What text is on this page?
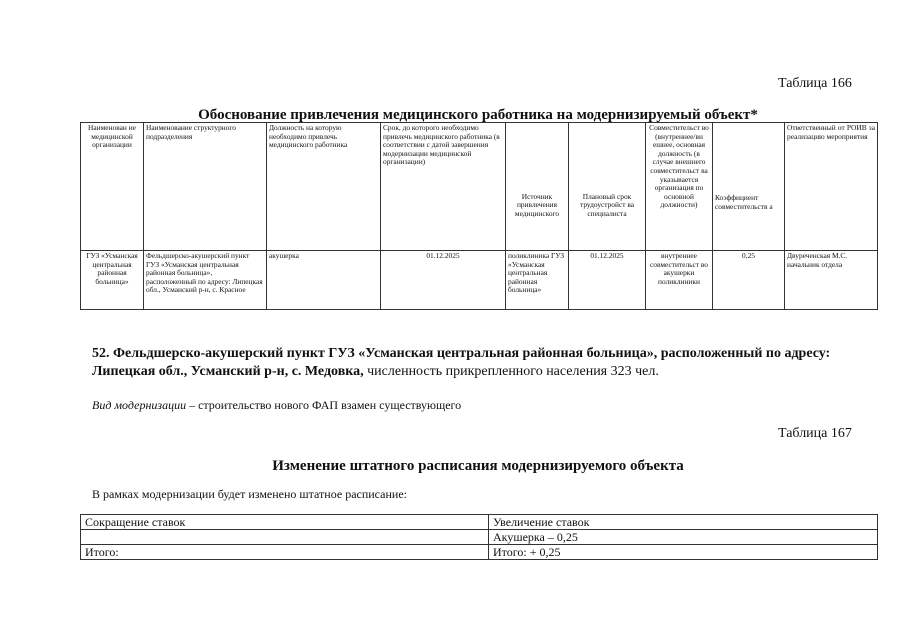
Таблица 166
Обоснование привлечения медицинского работника на модернизируемый объект*
Наименован ие медицинской организации	Наименование структурного подразделения	Должность на которую необходимо привлечь медицинского работника	Срок, до которого необходимо привлечь медицинского работника (в соответствии с датой завершения модернизации медицинской организации)	Источник привлечения медицинского	Плановый срок трудоустройст ва специалиста	Совместительст во (внутреннее/вн ешнее, основная должность (в случае внешнего совместительст ва указывается организация по основной должности)	Коэффициент совместительств а	Ответственный от РОИВ за реализацию мероприятия
ГУЗ «Усманская центральная районная больница»	Фельдшерско-акушерский пункт ГУЗ «Усманская центральная районная больница», расположенный по адресу: Липецкая обл., Усманский р-н, с. Красное	акушерка	01.12.2025	поликлиника ГУЗ «Усманская центральная районная больница»	01.12.2025	внутреннее совместительст во акушерки поликлиники	0,25	Двуреченская М.С. начальник отдела
52. Фельдшерско-акушерский пункт ГУЗ «Усманская центральная районная больница», расположенный по адресу: Липецкая обл., Усманский р-н, с. Медовка, численность прикрепленного населения 323 чел.
Вид модернизации – строительство нового ФАП взамен существующего
Таблица 167
Изменение штатного расписания модернизируемого объекта
В рамках модернизации будет изменено штатное расписание:
Сокращение ставок	Увеличение ставок
	Акушерка – 0,25
Итого:	Итого: + 0,25
